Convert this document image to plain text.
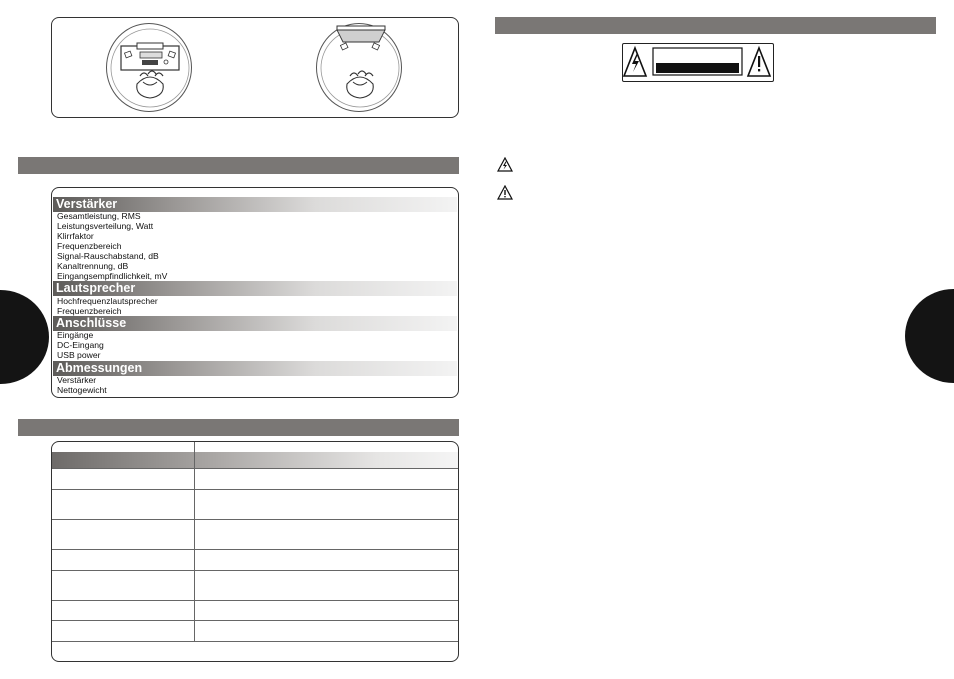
Verstärker
Gesamtleistung, RMS
Leistungsverteilung, Watt
Klirrfaktor
Frequenzbereich
Signal-Rauschabstand, dB
Kanaltrennung, dB
Eingangsempfindlichkeit, mV
Lautsprecher
Hochfrequenzlautsprecher
Frequenzbereich
Anschlüsse
Eingänge
DC-Eingang
USB power
Abmessungen
Verstärker
Nettogewicht
